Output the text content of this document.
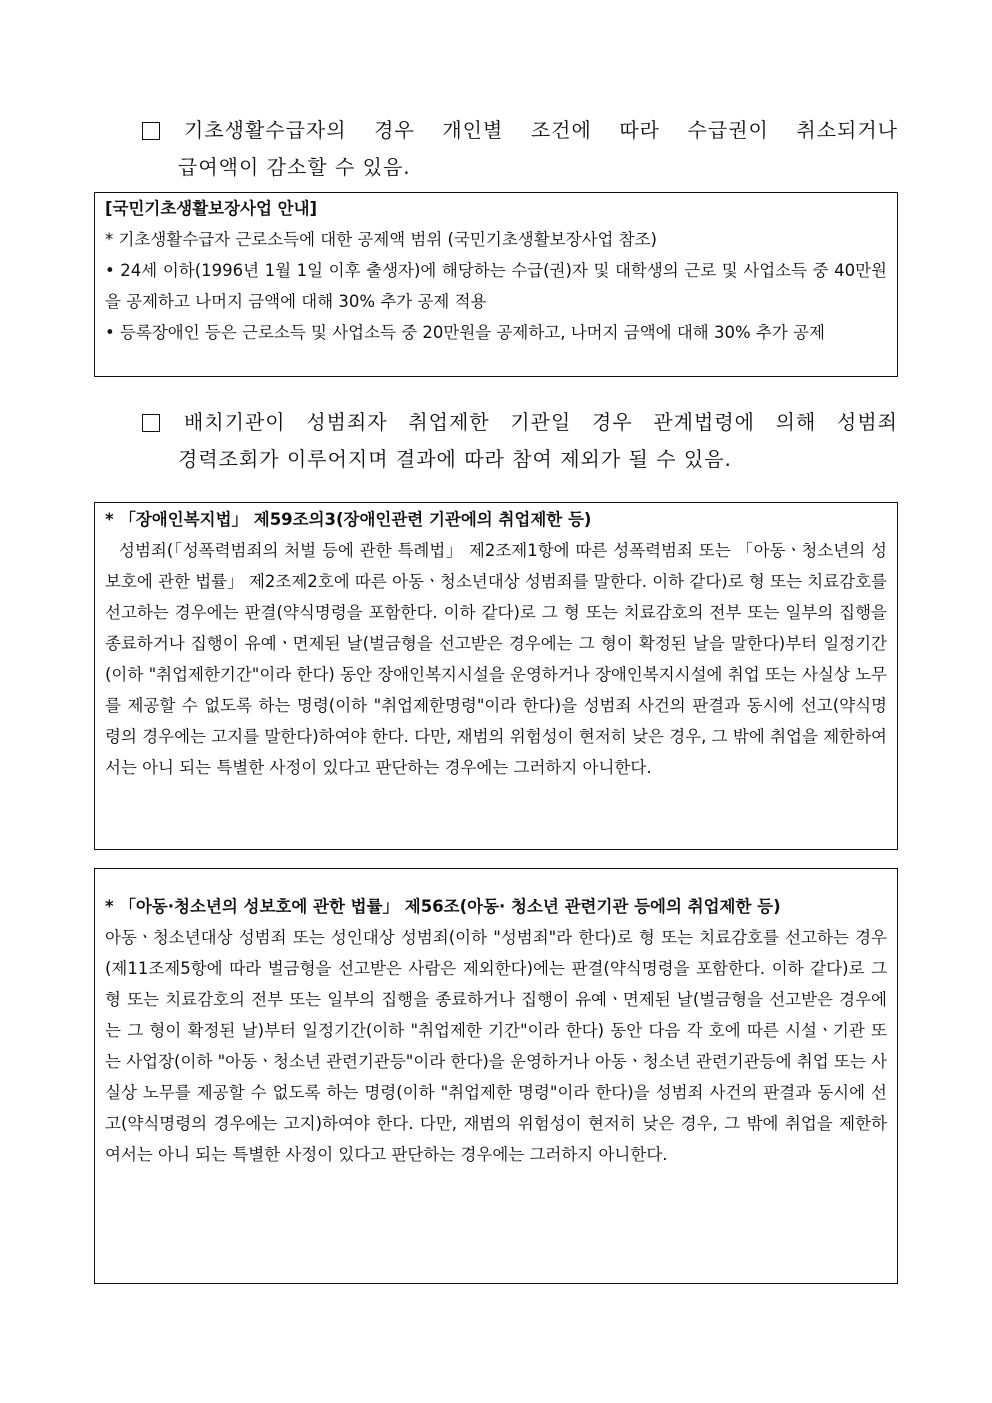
기초생활수급자의 경우 개인별 조건에 따라 수급권이 취소되거나
급여액이 감소할 수 있음.

[국민기초생활보장사업 안내]

* 기초생활수급자 근로소득에 대한 공제액 범위 (국민기초생활보장사업 참조)

• 24세 이하(1996년 1월 1일 이후 출생자)에 해당하는 수급(권)자 및 대학생의 근로 및 사업소득 중 40만원을 공제하고 나머지 금액에 대해 30% 추가 공제 적용

• 등록장애인 등은 근로소득 및 사업소득 중 20만원을 공제하고, 나머지 금액에 대해 30% 추가 공제

배치기관이 성범죄자 취업제한 기관일 경우 관계법령에 의해 성범죄
경력조회가 이루어지며 결과에 따라 참여 제외가 될 수 있음.

* 「장애인복지법」 제59조의3(장애인관련 기관에의 취업제한 등)

성범죄(「성폭력범죄의 처벌 등에 관한 특례법」 제2조제1항에 따른 성폭력범죄 또는 「아동ㆍ청소년의 성보호에 관한 법률」 제2조제2호에 따른 아동ㆍ청소년대상 성범죄를 말한다. 이하 같다)로 형 또는 치료감호를 선고하는 경우에는 판결(약식명령을 포함한다. 이하 같다)로 그 형 또는 치료감호의 전부 또는 일부의 집행을 종료하거나 집행이 유예ㆍ면제된 날(벌금형을 선고받은 경우에는 그 형이 확정된 날을 말한다)부터 일정기간(이하 "취업제한기간"이라 한다) 동안 장애인복지시설을 운영하거나 장애인복지시설에 취업 또는 사실상 노무를 제공할 수 없도록 하는 명령(이하 "취업제한명령"이라 한다)을 성범죄 사건의 판결과 동시에 선고(약식명령의 경우에는 고지를 말한다)하여야 한다. 다만, 재범의 위험성이 현저히 낮은 경우, 그 밖에 취업을 제한하여서는 아니 되는 특별한 사정이 있다고 판단하는 경우에는 그러하지 아니한다.

* 「아동·청소년의 성보호에 관한 법률」 제56조(아동· 청소년 관련기관 등에의 취업제한 등)

아동ㆍ청소년대상 성범죄 또는 성인대상 성범죄(이하 "성범죄"라 한다)로 형 또는 치료감호를 선고하는 경우(제11조제5항에 따라 벌금형을 선고받은 사람은 제외한다)에는 판결(약식명령을 포함한다. 이하 같다)로 그 형 또는 치료감호의 전부 또는 일부의 집행을 종료하거나 집행이 유예ㆍ면제된 날(벌금형을 선고받은 경우에는 그 형이 확정된 날)부터 일정기간(이하 "취업제한 기간"이라 한다) 동안 다음 각 호에 따른 시설ㆍ기관 또는 사업장(이하 "아동ㆍ청소년 관련기관등"이라 한다)을 운영하거나 아동ㆍ청소년 관련기관등에 취업 또는 사실상 노무를 제공할 수 없도록 하는 명령(이하 "취업제한 명령"이라 한다)을 성범죄 사건의 판결과 동시에 선고(약식명령의 경우에는 고지)하여야 한다. 다만, 재범의 위험성이 현저히 낮은 경우, 그 밖에 취업을 제한하여서는 아니 되는 특별한 사정이 있다고 판단하는 경우에는 그러하지 아니한다.
